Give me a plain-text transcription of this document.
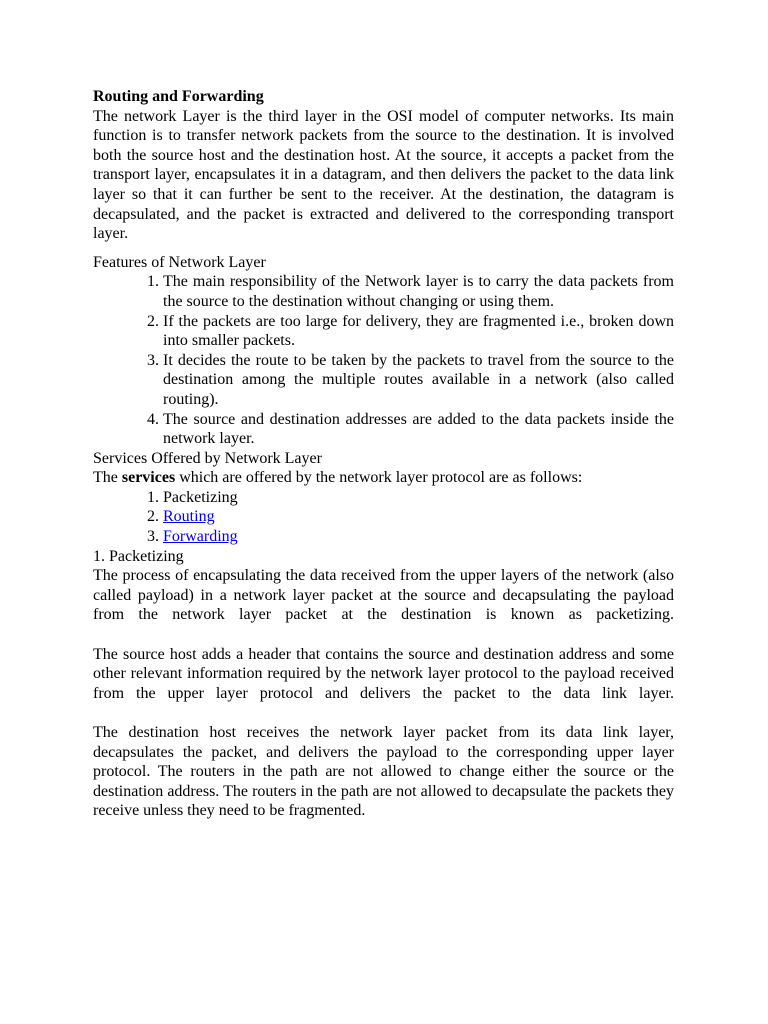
Routing and Forwarding

The network Layer is the third layer in the OSI model of computer networks. Its main function is to transfer network packets from the source to the destination. It is involved both the source host and the destination host. At the source, it accepts a packet from the transport layer, encapsulates it in a datagram, and then delivers the packet to the data link layer so that it can further be sent to the receiver. At the destination, the datagram is decapsulated, and the packet is extracted and delivered to the corresponding transport layer.

Features of Network Layer
1. The main responsibility of the Network layer is to carry the data packets from the source to the destination without changing or using them.
2. If the packets are too large for delivery, they are fragmented i.e., broken down into smaller packets.
3. It decides the route to be taken by the packets to travel from the source to the destination among the multiple routes available in a network (also called routing).
4. The source and destination addresses are added to the data packets inside the network layer.
Services Offered by Network Layer

The services which are offered by the network layer protocol are as follows:

1. Packetizing
2. Routing
3. Forwarding
1. Packetizing

The process of encapsulating the data received from the upper layers of the network (also called payload) in a network layer packet at the source and decapsulating the payload from the network layer packet at the destination is known as packetizing.

The source host adds a header that contains the source and destination address and some other relevant information required by the network layer protocol to the payload received from the upper layer protocol and delivers the packet to the data link layer.

The destination host receives the network layer packet from its data link layer, decapsulates the packet, and delivers the payload to the corresponding upper layer protocol. The routers in the path are not allowed to change either the source or the destination address. The routers in the path are not allowed to decapsulate the packets they receive unless they need to be fragmented.
